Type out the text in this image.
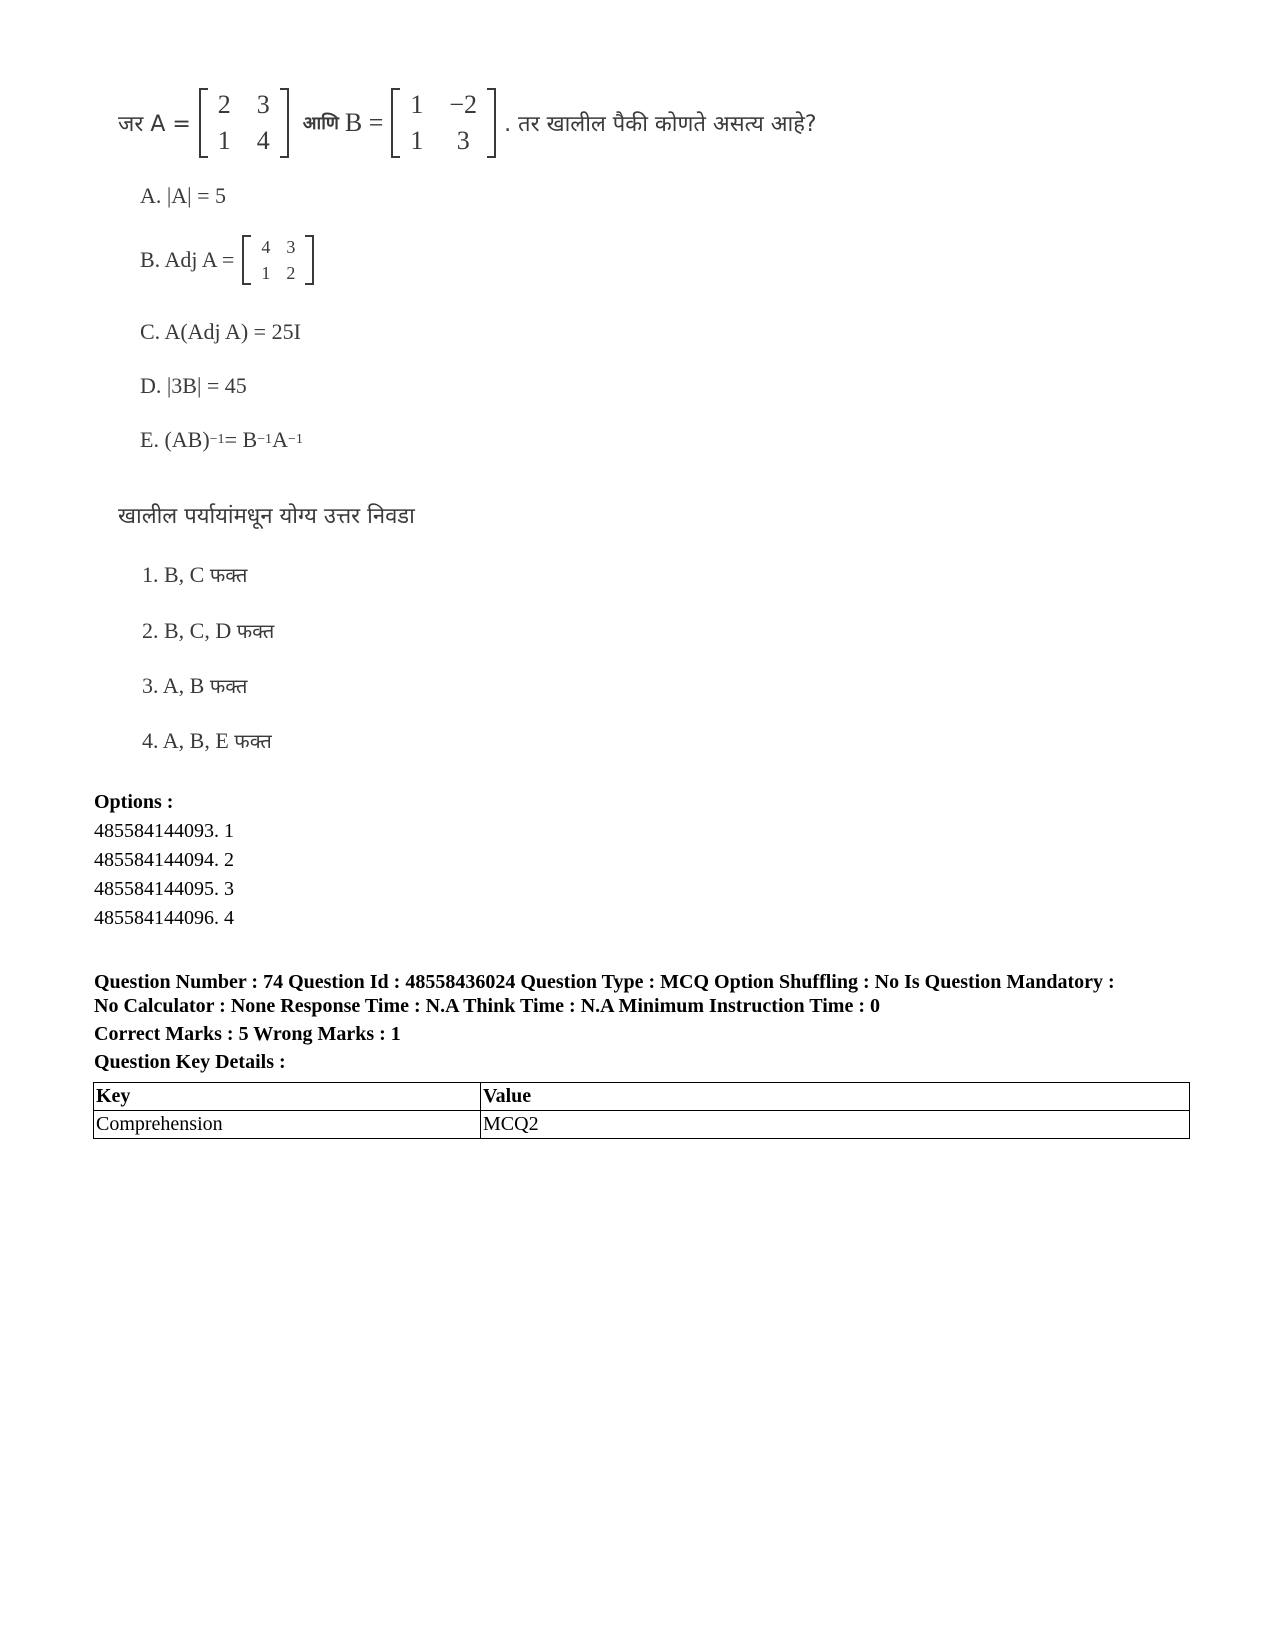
जर A =
2 3
1 4
आणि B =
1 −2
1 3
. तर खालील पैकी कोणते असत्य आहे?
A. |A| = 5
B. Adj A = 4 3
1 2
C. A(Adj A) = 25I
D. |3B| = 45
E. (AB) −1 = B −1 A −1
खालील पर्यायांमधून योग्य उत्तर निवडा
1. B, C फक्त
2. B, C, D फक्त
3. A, B फक्त
4. A, B, E फक्त
Options :
485584144093. 1
485584144094. 2
485584144095. 3
485584144096. 4

Question Number : 74 Question Id : 48558436024 Question Type : MCQ Option Shuffling : No Is Question Mandatory :

No Calculator : None Response Time : N.A Think Time : N.A Minimum Instruction Time : 0

Correct Marks : 5 Wrong Marks : 1

Question Key Details :

Key	Value
Comprehension	MCQ2
